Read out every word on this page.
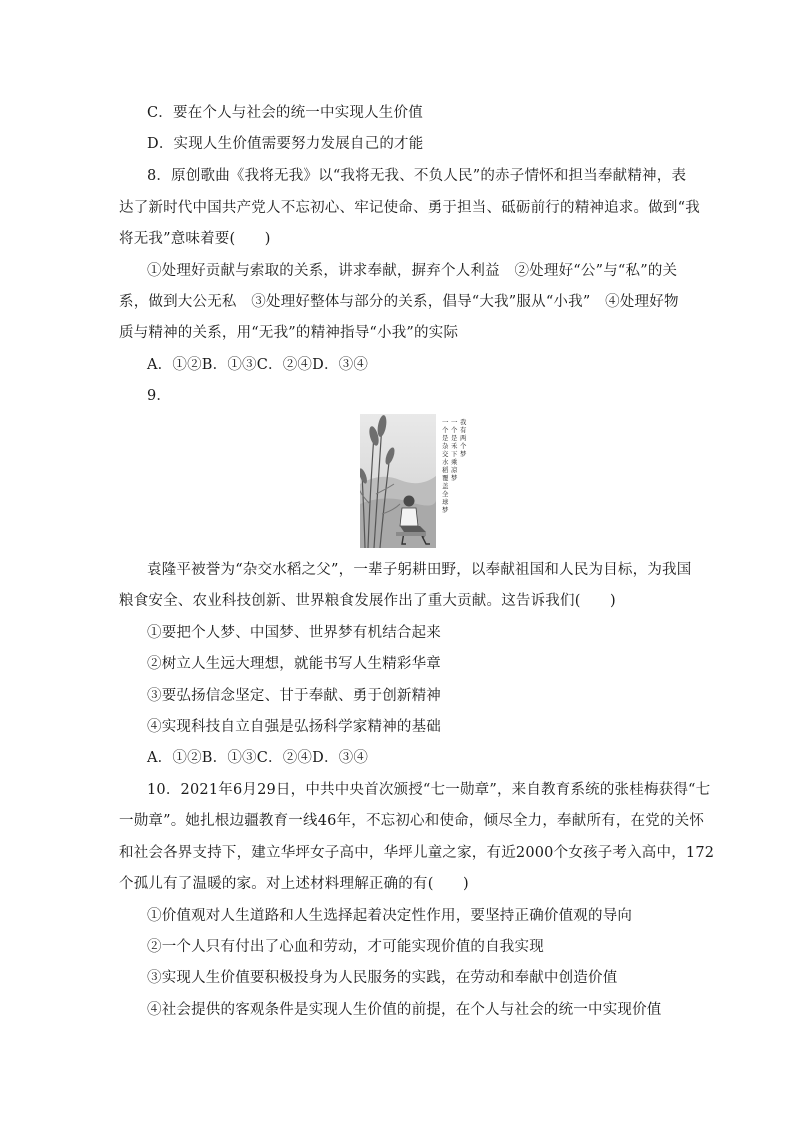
C．要在个人与社会的统一中实现人生价值
D．实现人生价值需要努力发展自己的才能
8．原创歌曲《我将无我》以“我将无我、不负人民”的赤子情怀和担当奉献精神，表
达了新时代中国共产党人不忘初心、牢记使命、勇于担当、砥砺前行的精神追求。做到“我
将无我”意味着要(　　)
①处理好贡献与索取的关系，讲求奉献，摒弃个人利益　②处理好“公”与“私”的关
系，做到大公无私　③处理好整体与部分的关系，倡导“大我”服从“小我”　④处理好物
质与精神的关系，用“无我”的精神指导“小我”的实际
A．①②B．①③C．②④D．③④
9．
一
个
是
杂
交
水
稻
覆
盖
全
球
梦
一
个
是
禾
下
乘
凉
梦
我
有
两
个
梦
袁隆平被誉为“杂交水稻之父”，一辈子躬耕田野，以奉献祖国和人民为目标，为我国
粮食安全、农业科技创新、世界粮食发展作出了重大贡献。这告诉我们(　　)
①要把个人梦、中国梦、世界梦有机结合起来
②树立人生远大理想，就能书写人生精彩华章
③要弘扬信念坚定、甘于奉献、勇于创新精神
④实现科技自立自强是弘扬科学家精神的基础
A．①②B．①③C．②④D．③④
10．2021年6月29日，中共中央首次颁授“七一勋章”，来自教育系统的张桂梅获得“七
一勋章”。她扎根边疆教育一线46年，不忘初心和使命，倾尽全力，奉献所有，在党的关怀
和社会各界支持下，建立华坪女子高中，华坪儿童之家，有近2000个女孩子考入高中，172
个孤儿有了温暖的家。对上述材料理解正确的有(　　)
①价值观对人生道路和人生选择起着决定性作用，要坚持正确价值观的导向
②一个人只有付出了心血和劳动，才可能实现价值的自我实现
③实现人生价值要积极投身为人民服务的实践，在劳动和奉献中创造价值
④社会提供的客观条件是实现人生价值的前提，在个人与社会的统一中实现价值
